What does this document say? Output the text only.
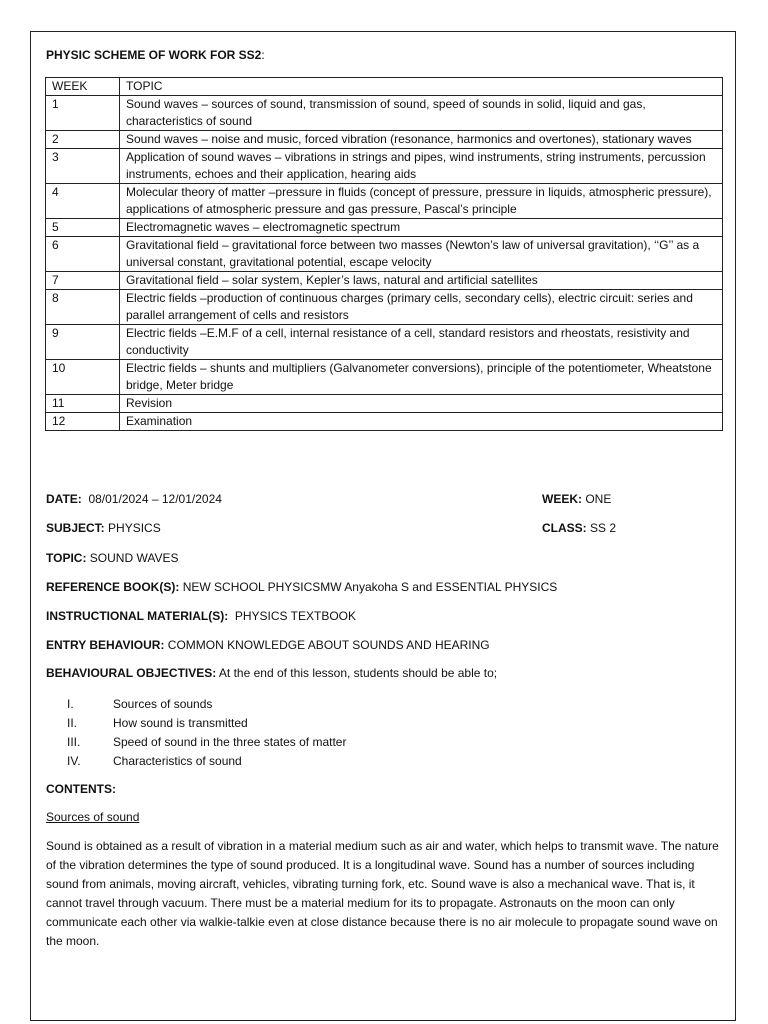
PHYSIC SCHEME OF WORK FOR SS2:
WEEK	TOPIC
1	Sound waves – sources of sound, transmission of sound, speed of sounds in solid, liquid and gas, characteristics of sound
2	Sound waves – noise and music, forced vibration (resonance, harmonics and overtones), stationary waves
3	Application of sound waves – vibrations in strings and pipes, wind instruments, string instruments, percussion instruments, echoes and their application, hearing aids
4	Molecular theory of matter –pressure in fluids (concept of pressure, pressure in liquids, atmospheric pressure), applications of atmospheric pressure and gas pressure, Pascal’s principle
5	Electromagnetic waves – electromagnetic spectrum
6	Gravitational field – gravitational force between two masses (Newton’s law of universal gravitation), ‘‘G’’ as a universal constant, gravitational potential, escape velocity
7	Gravitational field – solar system, Kepler’s laws, natural and artificial satellites
8	Electric fields –production of continuous charges (primary cells, secondary cells), electric circuit: series and parallel arrangement of cells and resistors
9	Electric fields –E.M.F of a cell, internal resistance of a cell, standard resistors and rheostats, resistivity and conductivity
10	Electric fields – shunts and multipliers (Galvanometer conversions), principle of the potentiometer, Wheatstone bridge, Meter bridge
11	Revision
12	Examination
DATE: 08/01/2024 – 12/01/2024	WEEK: ONE
SUBJECT: PHYSICS	CLASS: SS 2
TOPIC: SOUND WAVES
REFERENCE BOOK(S): NEW SCHOOL PHYSICSMW Anyakoha S and ESSENTIAL PHYSICS
INSTRUCTIONAL MATERIAL(S): PHYSICS TEXTBOOK
ENTRY BEHAVIOUR: COMMON KNOWLEDGE ABOUT SOUNDS AND HEARING
BEHAVIOURAL OBJECTIVES: At the end of this lesson, students should be able to;
I.	Sources of sounds
II.	How sound is transmitted
III.	Speed of sound in the three states of matter
IV.	Characteristics of sound
CONTENTS:
Sources of sound

Sound is obtained as a result of vibration in a material medium such as air and water, which helps to transmit wave. The nature of the vibration determines the type of sound produced. It is a longitudinal wave. Sound has a number of sources including sound from animals, moving aircraft, vehicles, vibrating turning fork, etc. Sound wave is also a mechanical wave. That is, it cannot travel through vacuum. There must be a material medium for its to propagate. Astronauts on the moon can only communicate each other via walkie-talkie even at close distance because there is no air molecule to propagate sound wave on the moon.
